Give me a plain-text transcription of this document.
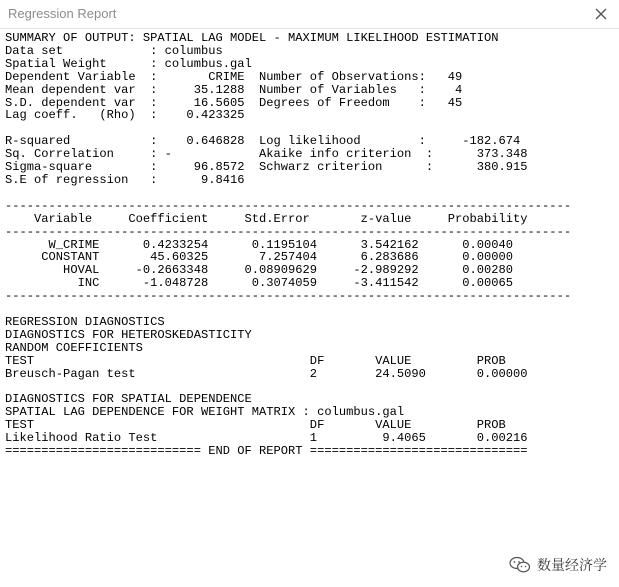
Regression Report
SUMMARY OF OUTPUT: SPATIAL LAG MODEL - MAXIMUM LIKELIHOOD ESTIMATION
Data set            : columbus
Spatial Weight      : columbus.gal
Dependent Variable  :       CRIME  Number of Observations:   49
Mean dependent var  :     35.1288  Number of Variables   :    4
S.D. dependent var  :     16.5605  Degrees of Freedom    :   45
Lag coeff.   (Rho)  :    0.423325

R-squared           :    0.646828  Log likelihood        :     -182.674
Sq. Correlation     : -            Akaike info criterion  :      373.348
Sigma-square        :     96.8572  Schwarz criterion      :      380.915
S.E of regression   :      9.8416

------------------------------------------------------------------------------
Variable     Coefficient     Std.Error       z-value     Probability
------------------------------------------------------------------------------
W_CRIME      0.4233254      0.1195104      3.542162      0.00040
CONSTANT       45.60325       7.257404      6.283686      0.00000
HOVAL     -0.2663348     0.08909629     -2.989292      0.00280
INC      -1.048728      0.3074059     -3.411542      0.00065
------------------------------------------------------------------------------

REGRESSION DIAGNOSTICS
DIAGNOSTICS FOR HETEROSKEDASTICITY
RANDOM COEFFICIENTS
TEST                                      DF       VALUE         PROB
Breusch-Pagan test                        2        24.5090       0.00000

DIAGNOSTICS FOR SPATIAL DEPENDENCE
SPATIAL LAG DEPENDENCE FOR WEIGHT MATRIX : columbus.gal
TEST                                      DF       VALUE         PROB
Likelihood Ratio Test                     1         9.4065       0.00216
=========================== END OF REPORT ==============================

数量经济学
